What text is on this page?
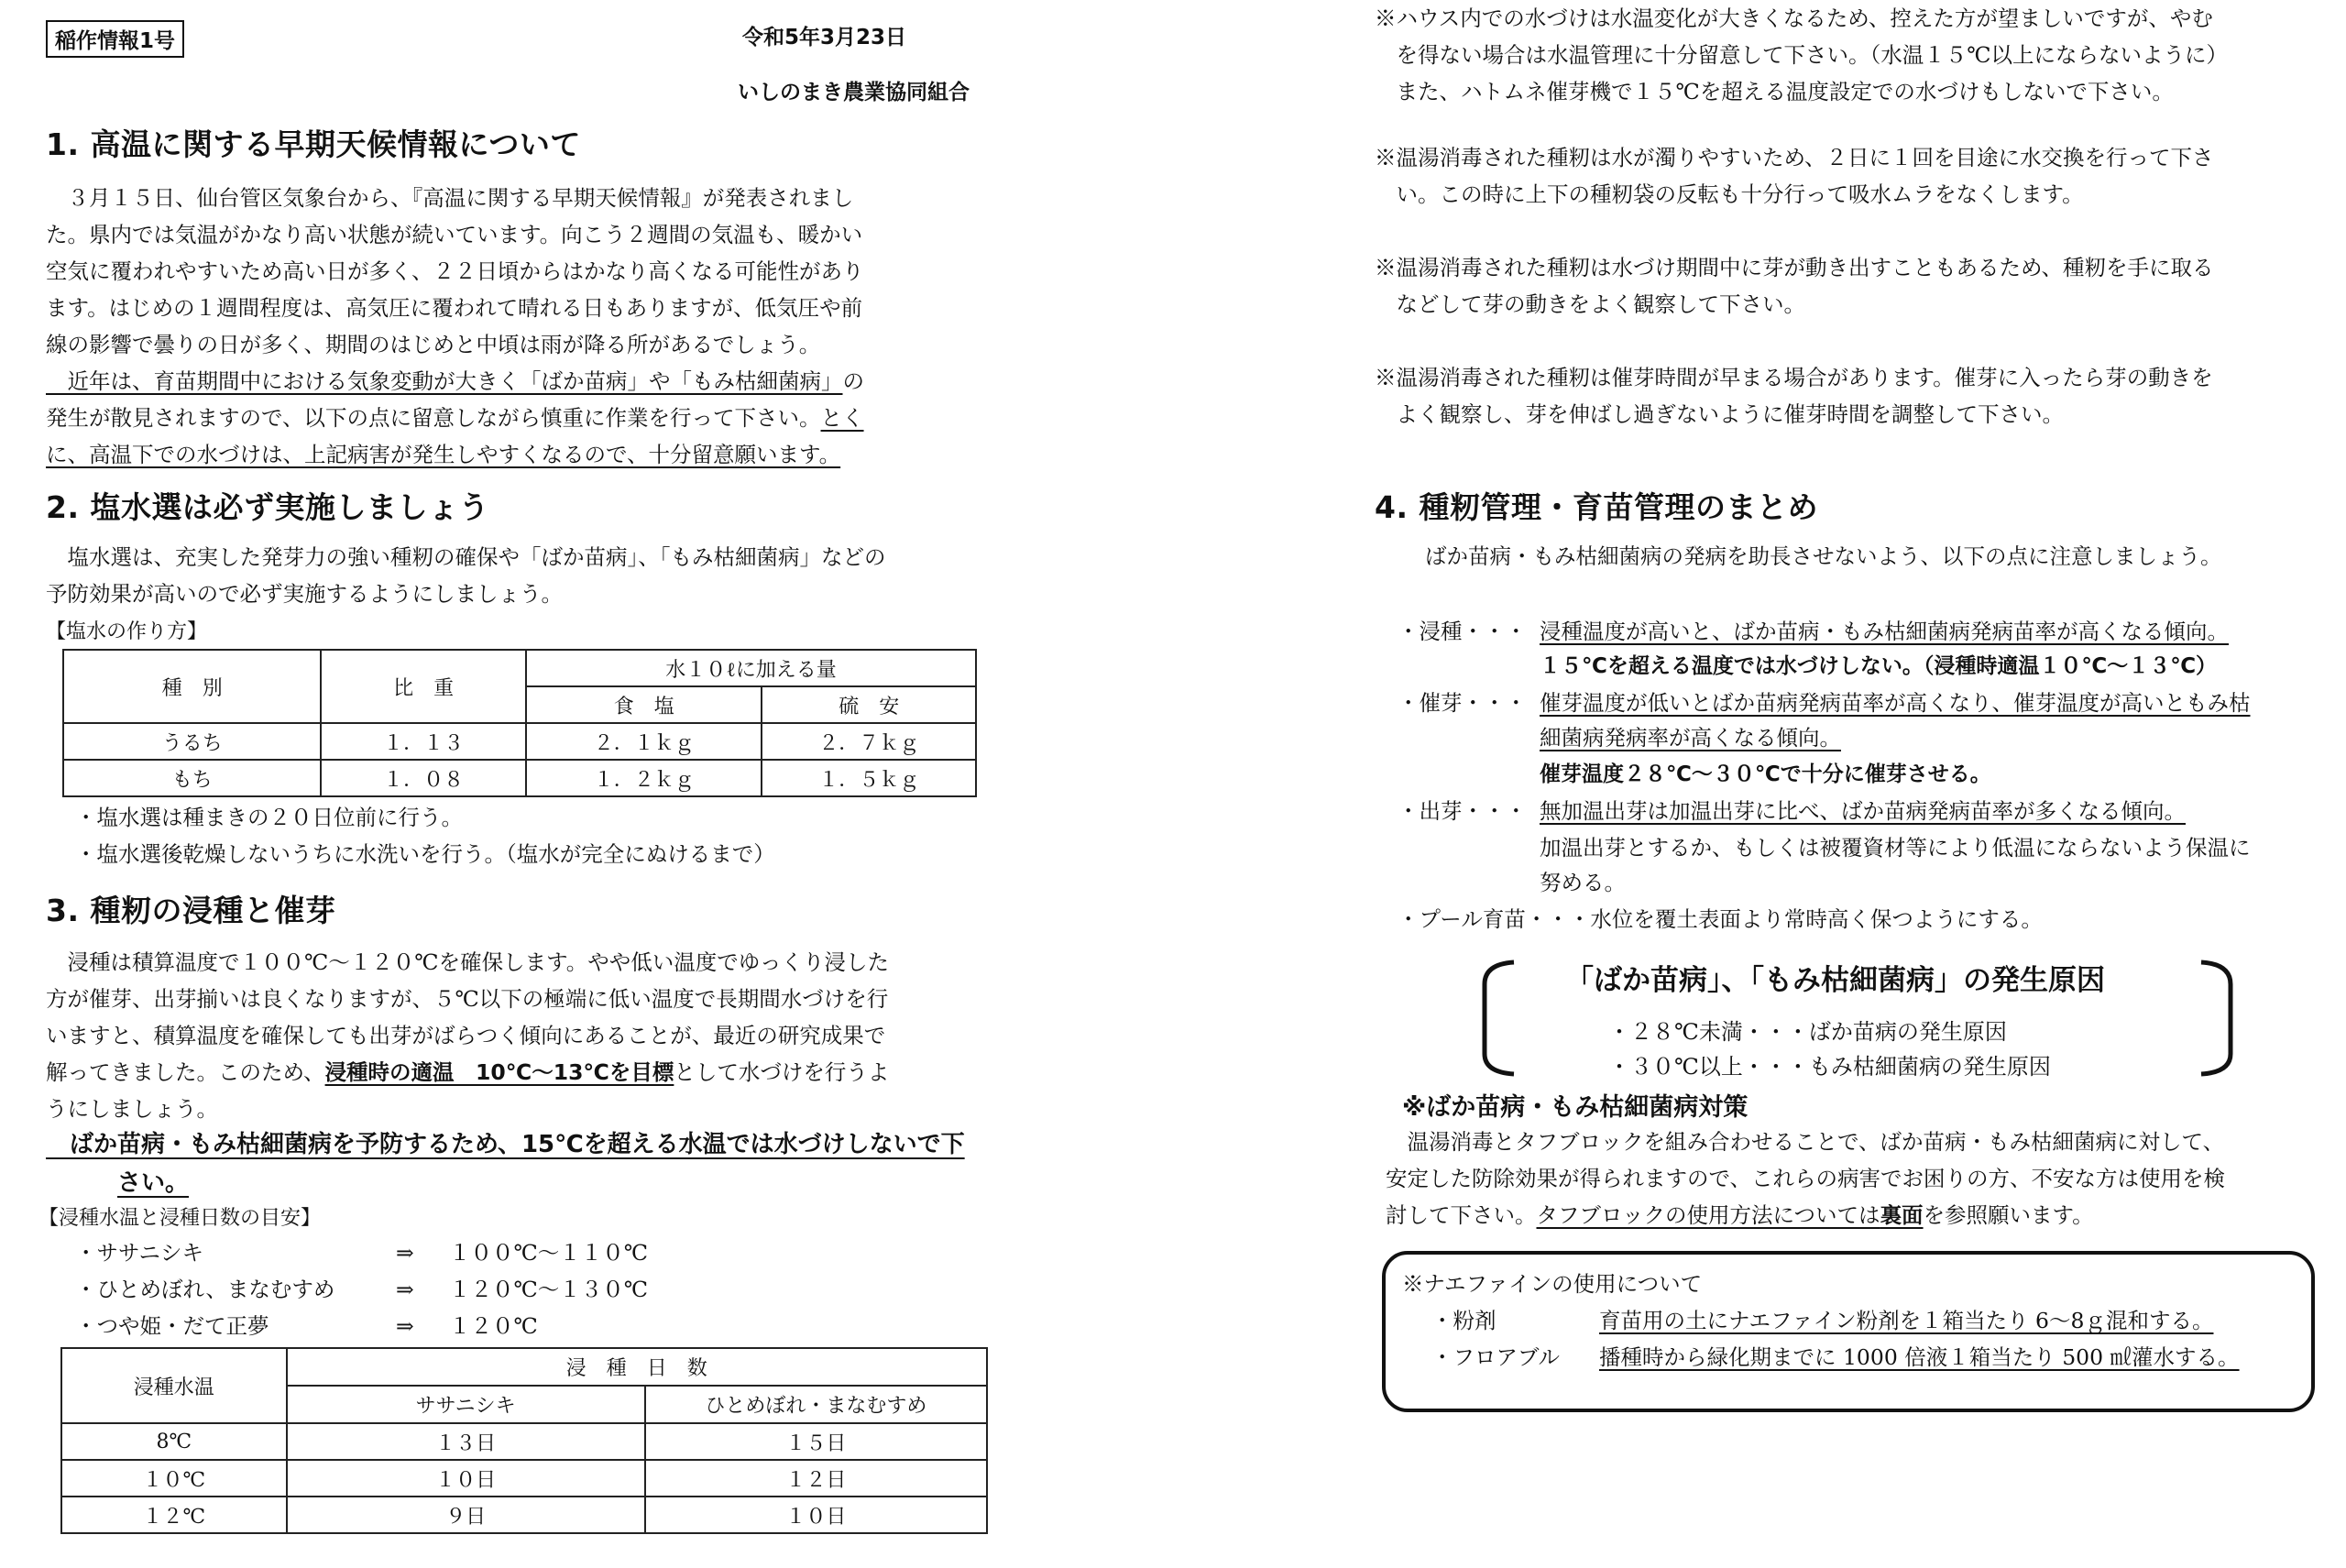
稲作情報1号	令和5年3月23日
いしのまき農業協同組合
1. 高温に関する早期天候情報について
　３月１５日、仙台管区気象台から、『高温に関する早期天候情報』が発表されまし
た。県内では気温がかなり高い状態が続いています。向こう２週間の気温も、暖かい
空気に覆われやすいため高い日が多く、２２日頃からはかなり高くなる可能性があり
ます。はじめの１週間程度は、高気圧に覆われて晴れる日もありますが、低気圧や前
線の影響で曇りの日が多く、期間のはじめと中頃は雨が降る所があるでしょう。
　近年は、育苗期間中における気象変動が大きく「ばか苗病」や「もみ枯細菌病」の
発生が散見されますので、以下の点に留意しながら慎重に作業を行って下さい。とく
に、高温下での水づけは、上記病害が発生しやすくなるので、十分留意願います。
2. 塩水選は必ず実施しましょう
　塩水選は、充実した発芽力の強い種籾の確保や「ばか苗病」、「もみ枯細菌病」などの
予防効果が高いので必ず実施するようにしましょう。
【塩水の作り方】
種　別	比　重	水１０ℓに加える量	
		食　塩	硫　安
うるち	１．１３	２．１ｋｇ	２．７ｋｇ
もち	１．０８	１．２ｋｇ	１．５ｋｇ
・塩水選は種まきの２０日位前に行う。
・塩水選後乾燥しないうちに水洗いを行う。（塩水が完全にぬけるまで）
3. 種籾の浸種と催芽
　浸種は積算温度で１００℃～１２０℃を確保します。やや低い温度でゆっくり浸した
方が催芽、出芽揃いは良くなりますが、５℃以下の極端に低い温度で長期間水づけを行
いますと、積算温度を確保しても出芽がばらつく傾向にあることが、最近の研究成果で
解ってきました。このため、浸種時の適温　10℃～13℃を目標として水づけを行うよ
うにしましょう。
　ばか苗病・もみ枯細菌病を予防するため、15℃を超える水温では水づけしないで下
さい。
【浸種水温と浸種日数の目安】
・ササニシキ	⇒ １００℃～１１０℃
・ひとめぼれ、まなむすめ	⇒ １２０℃～１３０℃
・つや姫・だて正夢	⇒ １２０℃
浸種水温	浸　種　日　数	
	ササニシキ	ひとめぼれ・まなむすめ
8℃	１３日	１５日
１０℃	１０日	１２日
１２℃	９日	１０日
※ハウス内での水づけは水温変化が大きくなるため、控えた方が望ましいですが、やむ
　を得ない場合は水温管理に十分留意して下さい。（水温１５℃以上にならないように）
　また、ハトムネ催芽機で１５℃を超える温度設定での水づけもしないで下さい。
※温湯消毒された種籾は水が濁りやすいため、２日に１回を目途に水交換を行って下さ
　い。この時に上下の種籾袋の反転も十分行って吸水ムラをなくします。
※温湯消毒された種籾は水づけ期間中に芽が動き出すこともあるため、種籾を手に取る
　などして芽の動きをよく観察して下さい。
※温湯消毒された種籾は催芽時間が早まる場合があります。催芽に入ったら芽の動きを
　よく観察し、芽を伸ばし過ぎないように催芽時間を調整して下さい。
4. 種籾管理・育苗管理のまとめ
ばか苗病・もみ枯細菌病の発病を助長させないよう、以下の点に注意しましょう。
・浸種・・・ 浸種温度が高いと、ばか苗病・もみ枯細菌病発病苗率が高くなる傾向。
１５℃を超える温度では水づけしない。（浸種時適温１０℃～１３℃）
・催芽・・・ 催芽温度が低いとばか苗病発病苗率が高くなり、催芽温度が高いともみ枯
細菌病発病率が高くなる傾向。
催芽温度２８℃～３０℃で十分に催芽させる。
・出芽・・・ 無加温出芽は加温出芽に比べ、ばか苗病発病苗率が多くなる傾向。
加温出芽とするか、もしくは被覆資材等により低温にならないよう保温に
努める。
・プール育苗・・・水位を覆土表面より常時高く保つようにする。
「ばか苗病」、「もみ枯細菌病」の発生原因
・２８℃未満・・・ばか苗病の発生原因
・３０℃以上・・・もみ枯細菌病の発生原因
※ばか苗病・もみ枯細菌病対策
　温湯消毒とタフブロックを組み合わせることで、ばか苗病・もみ枯細菌病に対して、
安定した防除効果が得られますので、これらの病害でお困りの方、不安な方は使用を検
討して下さい。タフブロックの使用方法については裏面を参照願います。
※ナエファインの使用について
・粉剤	育苗用の土にナエファイン粉剤を１箱当たり 6～8ｇ混和する。
・フロアブル 播種時から緑化期までに 1000 倍液１箱当たり 500 ㎖灌水する。
